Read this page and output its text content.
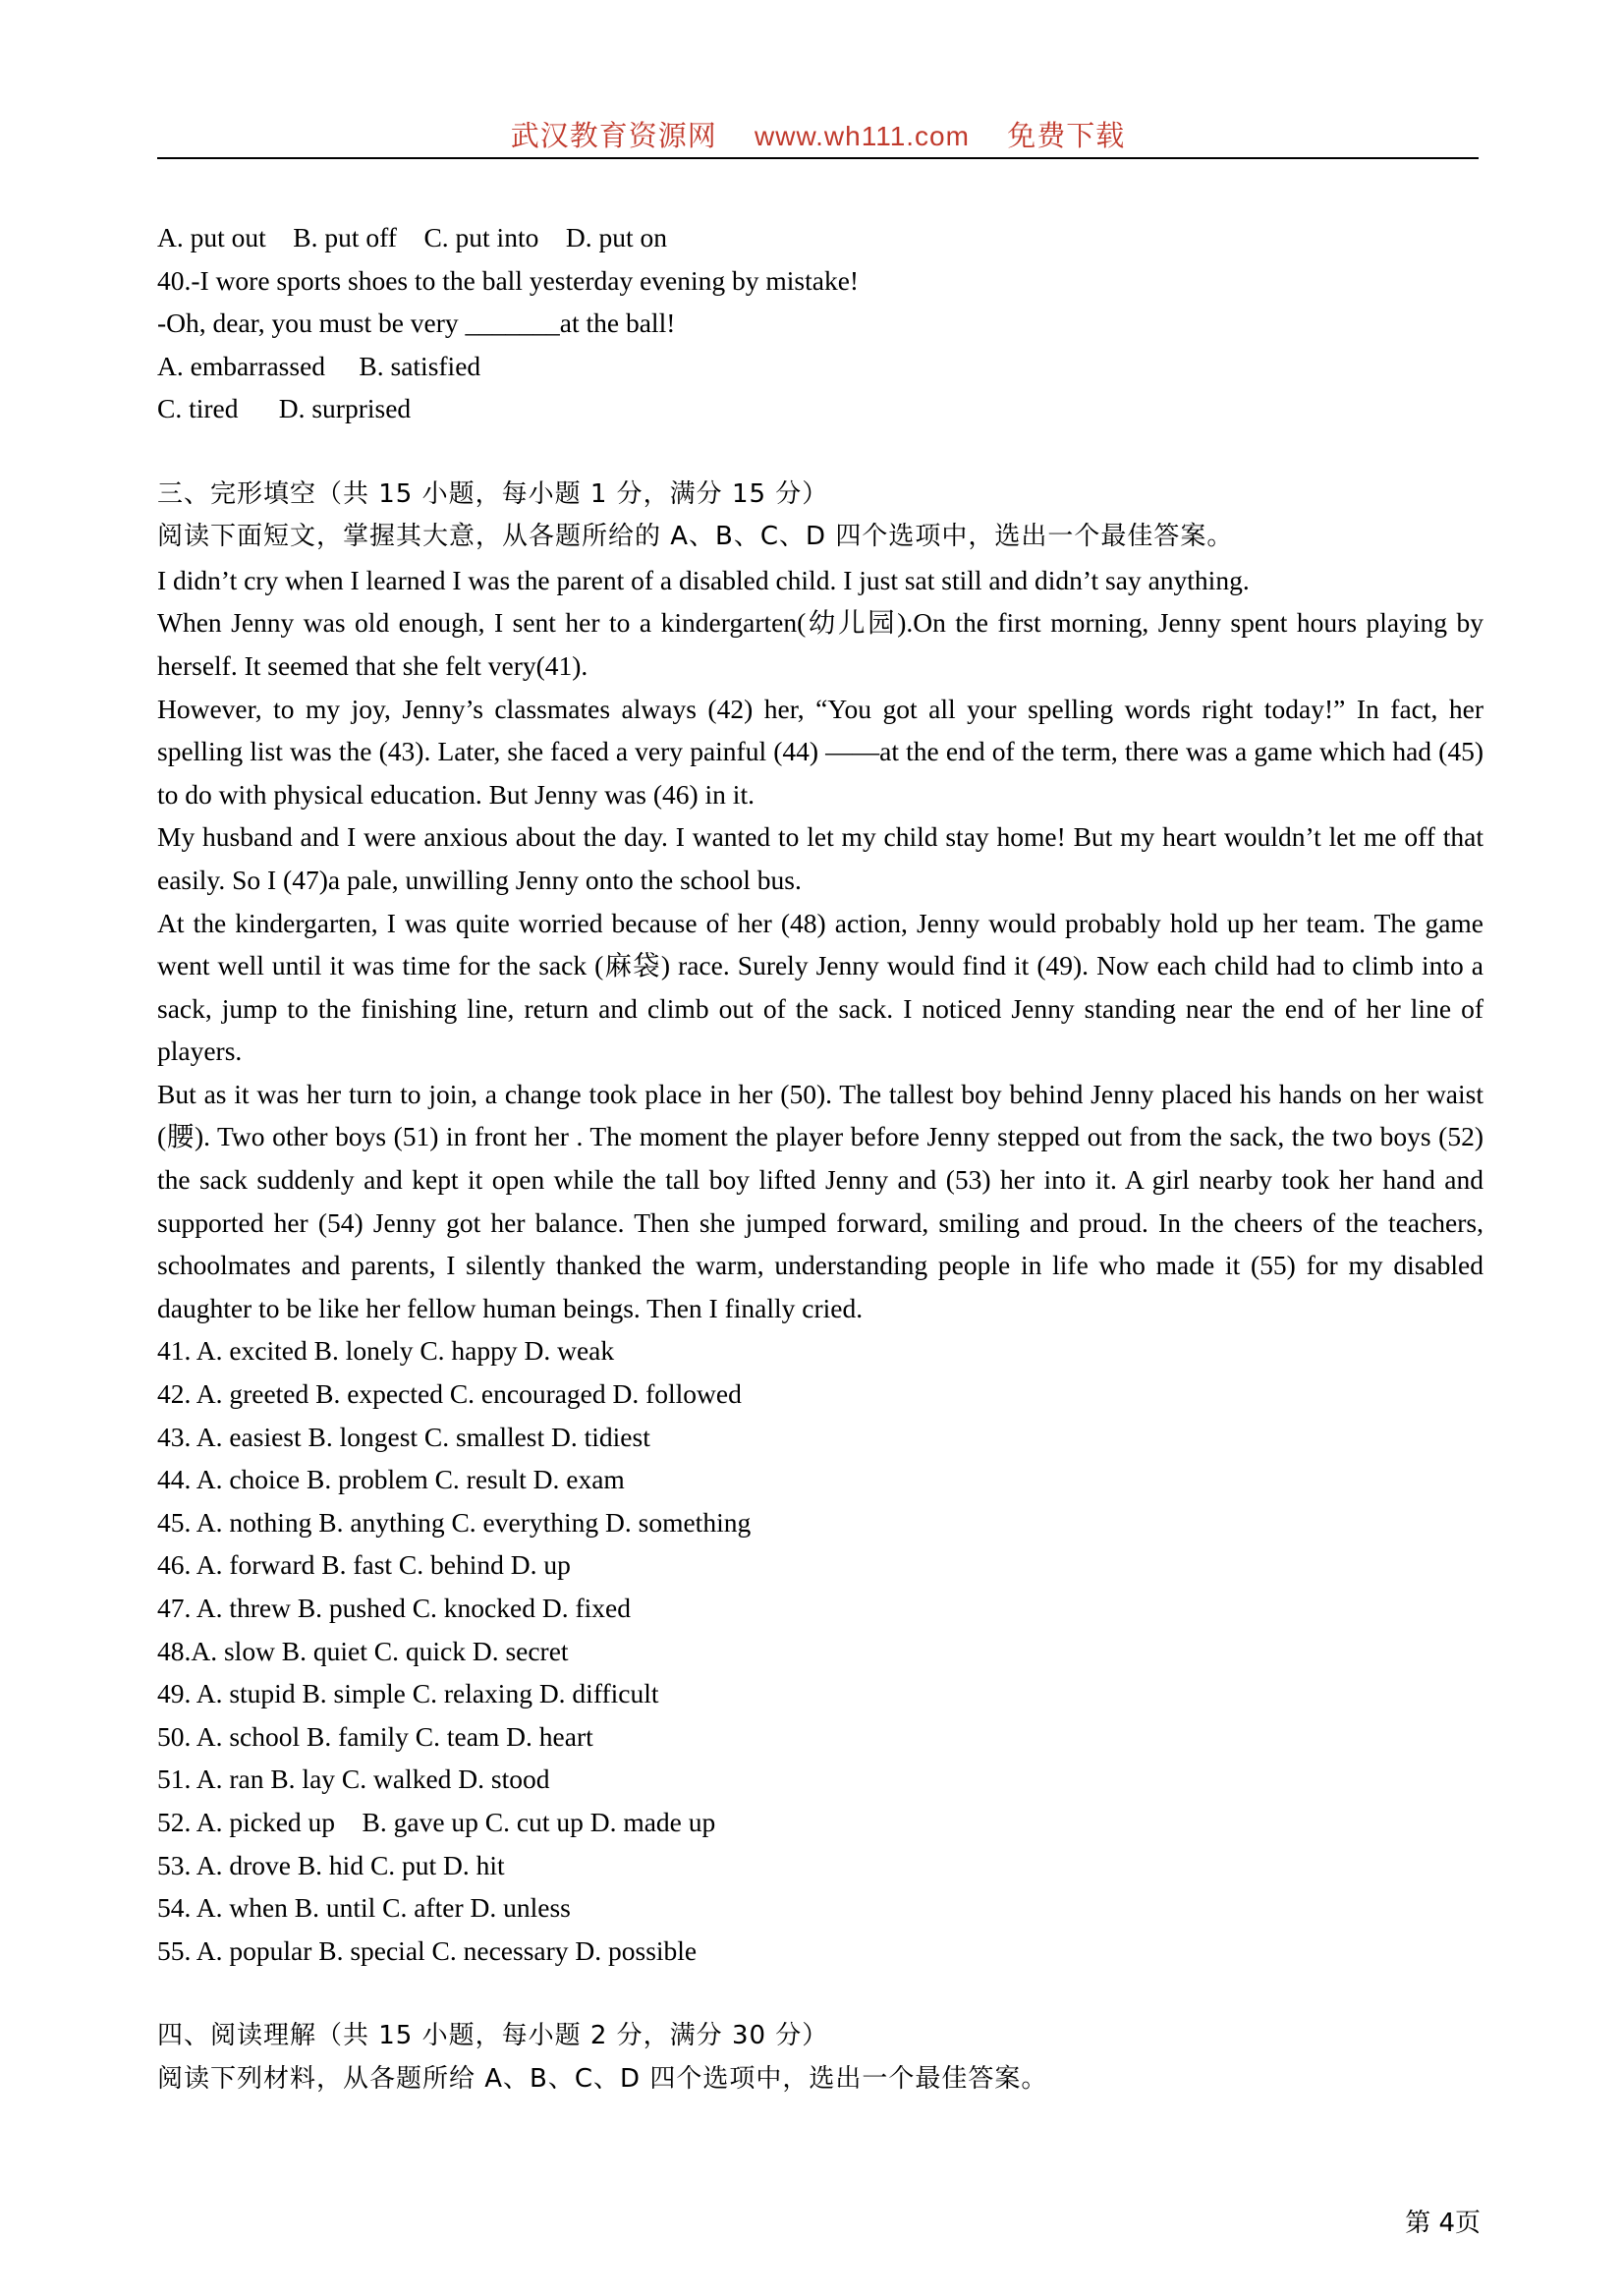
武汉教育资源网 www.wh111.com 免费下载
A. put out    B. put off    C. put into    D. put on
40.-I wore sports shoes to the ball yesterday evening by mistake!
-Oh, dear, you must be very _______at the ball!
A. embarrassed     B. satisfied
C. tired      D. surprised
三、完形填空（共 15 小题，每小题 1 分，满分 15 分）
阅读下面短文，掌握其大意，从各题所给的 A、B、C、D 四个选项中，选出一个最佳答案。
I didn’t cry when I learned I was the parent of a disabled child. I just sat still and didn’t say anything.
When Jenny was old enough, I sent her to a kindergarten(幼儿园).On the first morning, Jenny spent hours playing by herself. It seemed that she felt very(41).
However, to my joy, Jenny’s classmates always (42) her, “You got all your spelling words right today!” In fact, her spelling list was the (43). Later, she faced a very painful (44) ——at the end of the term, there was a game which had (45) to do with physical education. But Jenny was (46) in it.
My husband and I were anxious about the day. I wanted to let my child stay home! But my heart wouldn’t let me off that easily. So I (47)a pale, unwilling Jenny onto the school bus.
At the kindergarten, I was quite worried because of her (48) action, Jenny would probably hold up her team. The game went well until it was time for the sack (麻袋) race. Surely Jenny would find it (49). Now each child had to climb into a sack, jump to the finishing line, return and climb out of the sack. I noticed Jenny standing near the end of her line of players.
But as it was her turn to join, a change took place in her (50). The tallest boy behind Jenny placed his hands on her waist (腰). Two other boys (51) in front her . The moment the player before Jenny stepped out from the sack, the two boys (52) the sack suddenly and kept it open while the tall boy lifted Jenny and (53) her into it. A girl nearby took her hand and supported her (54) Jenny got her balance. Then she jumped forward, smiling and proud. In the cheers of the teachers, schoolmates and parents, I silently thanked the warm, understanding people in life who made it (55) for my disabled daughter to be like her fellow human beings. Then I finally cried.
41. A. excited B. lonely C. happy D. weak
42. A. greeted B. expected C. encouraged D. followed
43. A. easiest B. longest C. smallest D. tidiest
44. A. choice B. problem C. result D. exam
45. A. nothing B. anything C. everything D. something
46. A. forward B. fast C. behind D. up
47. A. threw B. pushed C. knocked D. fixed
48.A. slow B. quiet C. quick D. secret
49. A. stupid B. simple C. relaxing D. difficult
50. A. school B. family C. team D. heart
51. A. ran B. lay C. walked D. stood
52. A. picked up    B. gave up C. cut up D. made up
53. A. drove B. hid C. put D. hit
54. A. when B. until C. after D. unless
55. A. popular B. special C. necessary D. possible
四、阅读理解（共 15 小题，每小题 2 分，满分 30 分）
阅读下列材料，从各题所给 A、B、C、D 四个选项中，选出一个最佳答案。
第 4页
